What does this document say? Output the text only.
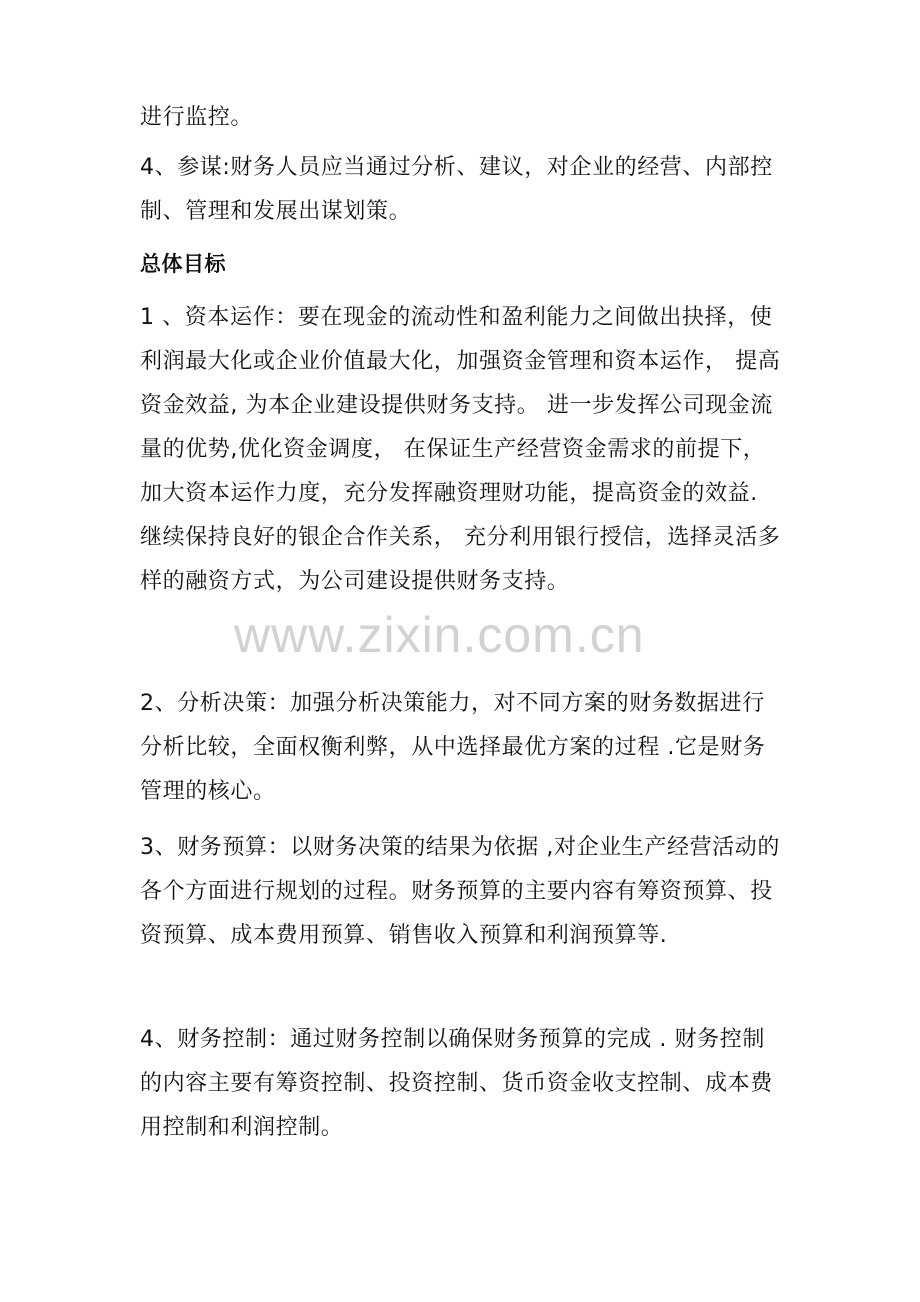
进行监控。

4、参谋:财务人员应当通过分析、建议，对企业的经营、内部控制、管理和发展出谋划策。

总体目标

1 、资本运作：要在现金的流动性和盈利能力之间做出抉择，使利润最大化或企业价值最大化，加强资金管理和资本运作， 提高资金效益, 为本企业建设提供财务支持。 进一步发挥公司现金流量的优势,优化资金调度， 在保证生产经营资金需求的前提下，加大资本运作力度，充分发挥融资理财功能，提高资金的效益. 继续保持良好的银企合作关系， 充分利用银行授信，选择灵活多样的融资方式，为公司建设提供财务支持。

2、分析决策：加强分析决策能力，对不同方案的财务数据进行分析比较，全面权衡利弊，从中选择最优方案的过程 .它是财务管理的核心。

3、财务预算：以财务决策的结果为依据 ,对企业生产经营活动的各个方面进行规划的过程。财务预算的主要内容有筹资预算、投资预算、成本费用预算、销售收入预算和利润预算等.

4、财务控制：通过财务控制以确保财务预算的完成 . 财务控制的内容主要有筹资控制、投资控制、货币资金收支控制、成本费用控制和利润控制。

www.zixin.com.cn
